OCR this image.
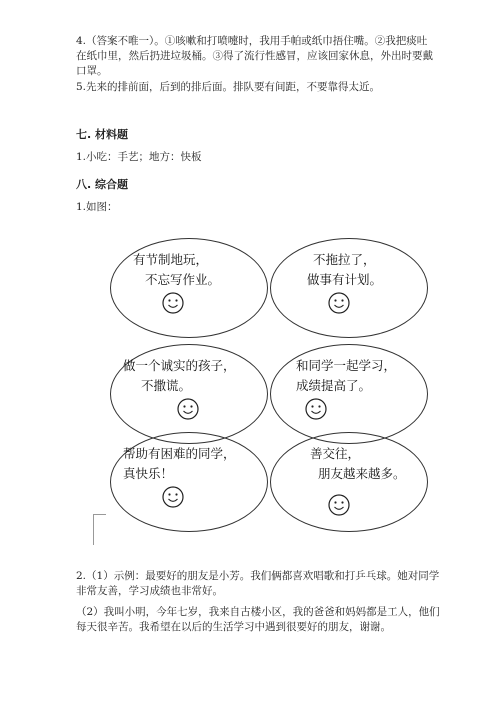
4.（答案不唯一）。①咳嗽和打喷嚏时，我用手帕或纸巾捂住嘴。②我把痰吐
在纸巾里，然后扔进垃圾桶。③得了流行性感冒，应该回家休息，外出时要戴
口罩。
5.先来的排前面，后到的排后面。排队要有间距，不要靠得太近。
七. 材料题
1.小吃：手艺；地方：快板
八. 综合题
1.如图：
有节制地玩，
不忘写作业。
不拖拉了，
做事有计划。
做一个诚实的孩子，
不撒谎。
和同学一起学习，
成绩提高了。
帮助有困难的同学，
真快乐！
善交往，
朋友越来越多。
2.（1）示例：最要好的朋友是小芳。我们俩都喜欢唱歌和打乒乓球。她对同学
非常友善，学习成绩也非常好。
（2）我叫小明，今年七岁，我来自古楼小区，我的爸爸和妈妈都是工人，他们
每天很辛苦。我希望在以后的生活学习中遇到很要好的朋友，谢谢。
